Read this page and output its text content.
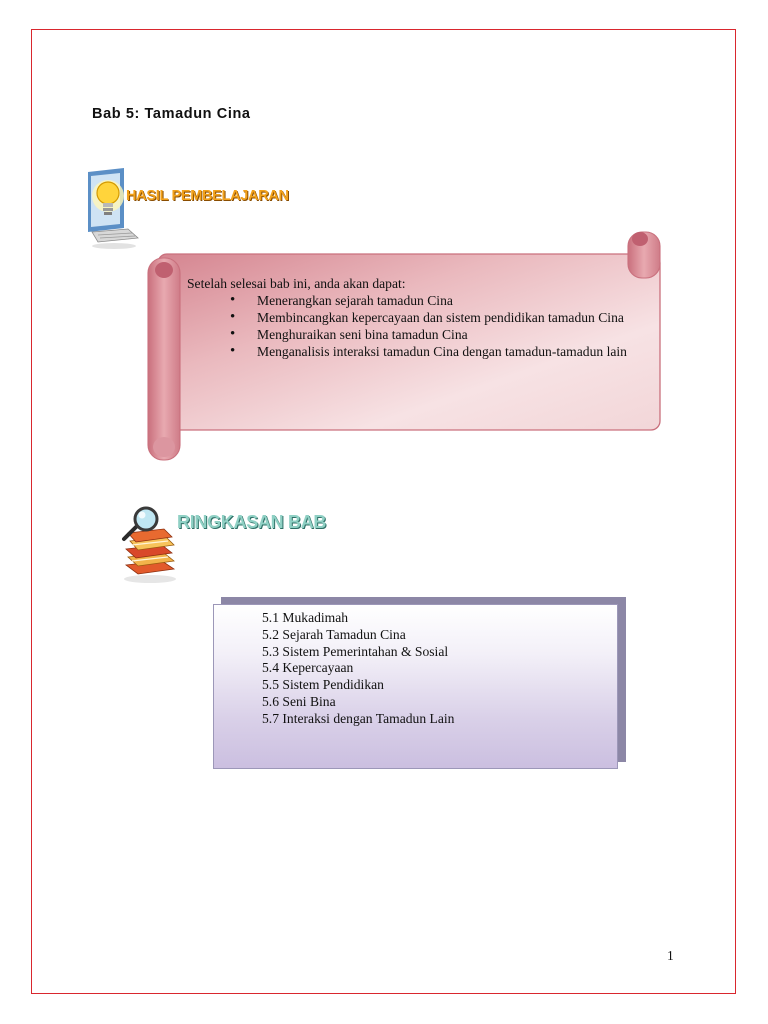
Bab 5: Tamadun Cina
HASIL PEMBELAJARAN

Setelah selesai bab ini, anda akan dapat:

• Menerangkan sejarah tamadun Cina
• Membincangkan kepercayaan dan sistem pendidikan tamadun Cina
• Menghuraikan seni bina tamadun Cina
• Menganalisis interaksi tamadun Cina dengan tamadun-tamadun lain
RINGKASAN BAB
5.1 Mukadimah
5.2 Sejarah Tamadun Cina
5.3 Sistem Pemerintahan & Sosial
5.4 Kepercayaan
5.5 Sistem Pendidikan
5.6 Seni Bina
5.7 Interaksi dengan Tamadun Lain
1
